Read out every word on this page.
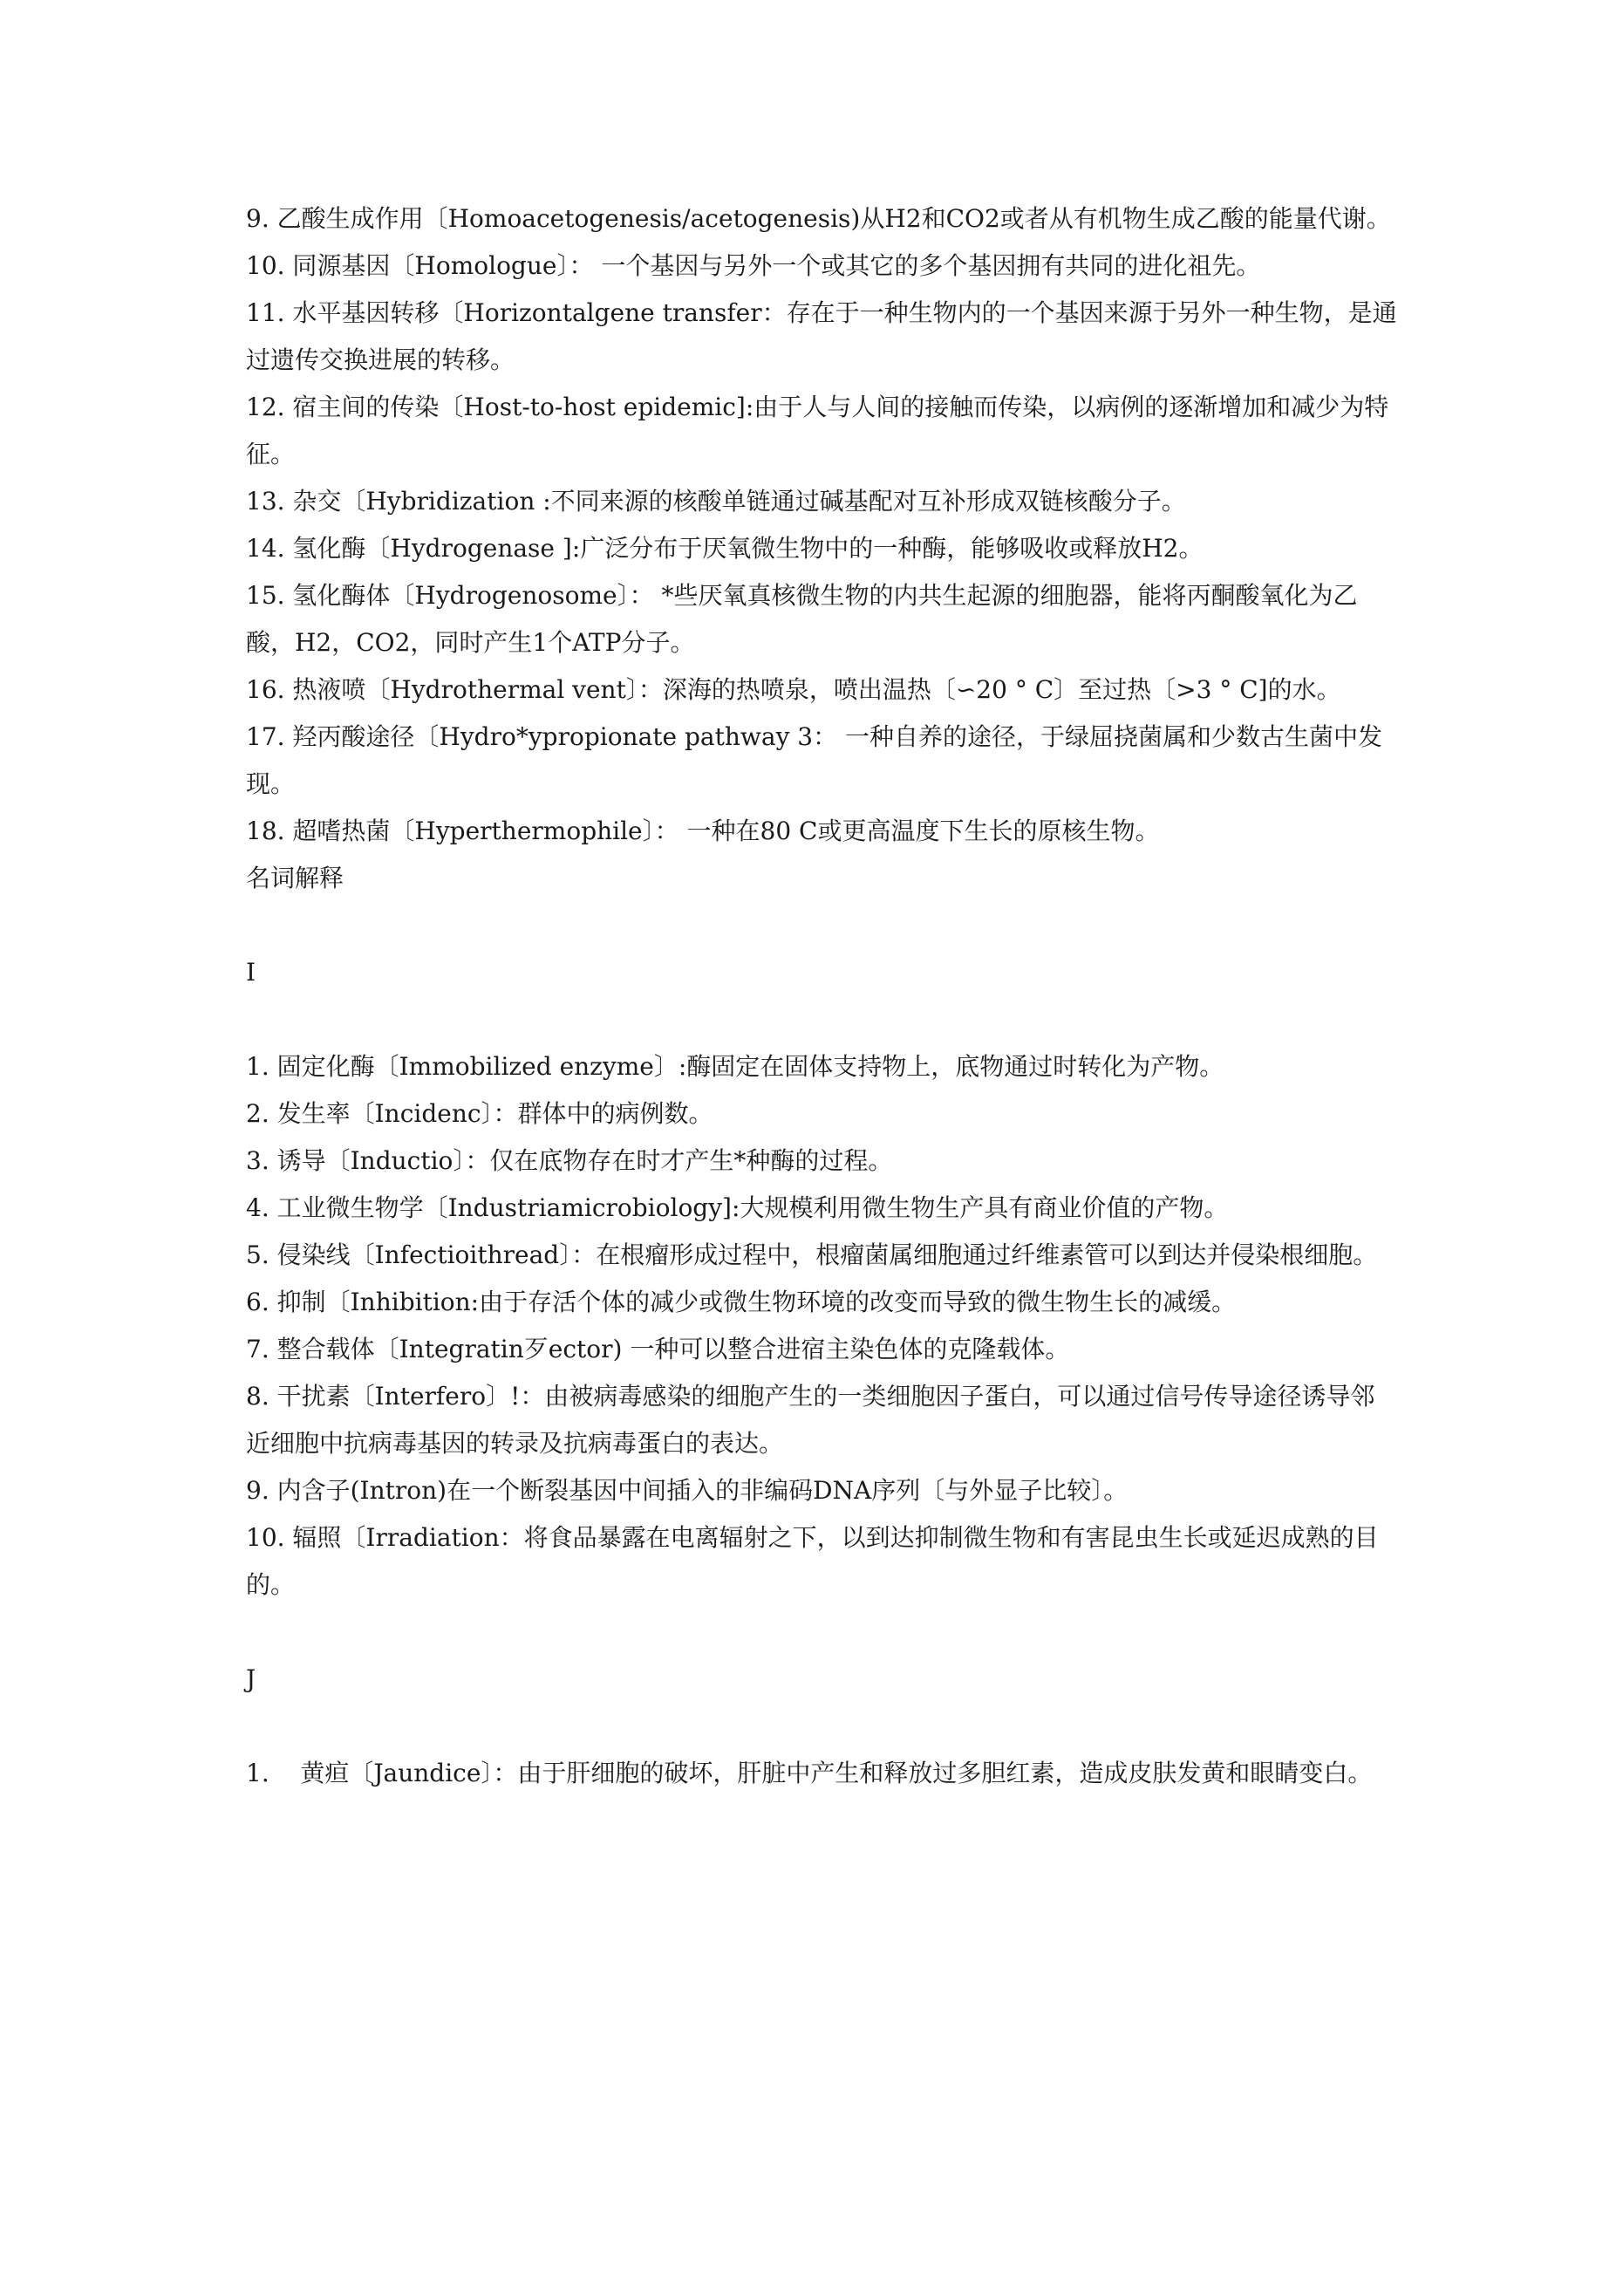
9. 乙酸生成作用〔Homoacetogenesis/acetogenesis)从H2和CO2或者从有机物生成乙酸的能量代谢。

10. 同源基因〔Homologue〕： 一个基因与另外一个或其它的多个基因拥有共同的进化祖先。

11. 水平基因转移〔Horizontalgene transfer：存在于一种生物内的一个基因来源于另外一种生物，是通过遗传交换进展的转移。

12. 宿主间的传染〔Host-to-host epidemic]:由于人与人间的接触而传染，以病例的逐渐增加和减少为特征。

13. 杂交〔Hybridization :不同来源的核酸单链通过碱基配对互补形成双链核酸分子。

14. 氢化酶〔Hydrogenase ]:广泛分布于厌氧微生物中的一种酶，能够吸收或释放H2。

15. 氢化酶体〔Hydrogenosome〕： *些厌氧真核微生物的内共生起源的细胞器，能将丙酮酸氧化为乙酸，H2，CO2，同时产生1个ATP分子。

16. 热液喷〔Hydrothermal vent〕：深海的热喷泉，喷出温热〔∽20 ° C〕至过热〔>3 ° C]的水。

17. 羟丙酸途径〔Hydro*ypropionate pathway 3： 一种自养的途径，于绿屈挠菌属和少数古生菌中发现。

18. 超嗜热菌〔Hyperthermophile〕： 一种在80 C或更高温度下生长的原核生物。

名词解释

I

1. 固定化酶〔Immobilized enzyme〕:酶固定在固体支持物上，底物通过时转化为产物。

2. 发生率〔Incidenc〕：群体中的病例数。

3. 诱导〔Inductio〕：仅在底物存在时才产生*种酶的过程。

4. 工业微生物学〔Industriamicrobiology]:大规模利用微生物生产具有商业价值的产物。

5. 侵染线〔Infectioithread〕：在根瘤形成过程中，根瘤菌属细胞通过纤维素管可以到达并侵染根细胞。

6. 抑制〔Inhibition:由于存活个体的减少或微生物环境的改变而导致的微生物生长的减缓。

7. 整合载体〔Integratin歹ector) 一种可以整合进宿主染色体的克隆载体。

8. 干扰素〔Interfero〕!：由被病毒感染的细胞产生的一类细胞因子蛋白，可以通过信号传导途径诱导邻近细胞中抗病毒基因的转录及抗病毒蛋白的表达。

9. 内含子(Intron)在一个断裂基因中间插入的非编码DNA序列〔与外显子比较〕。

10. 辐照〔Irradiation：将食品暴露在电离辐射之下，以到达抑制微生物和有害昆虫生长或延迟成熟的目的。

J

1.    黄疸〔Jaundice〕：由于肝细胞的破坏，肝脏中产生和释放过多胆红素，造成皮肤发黄和眼睛变白。
